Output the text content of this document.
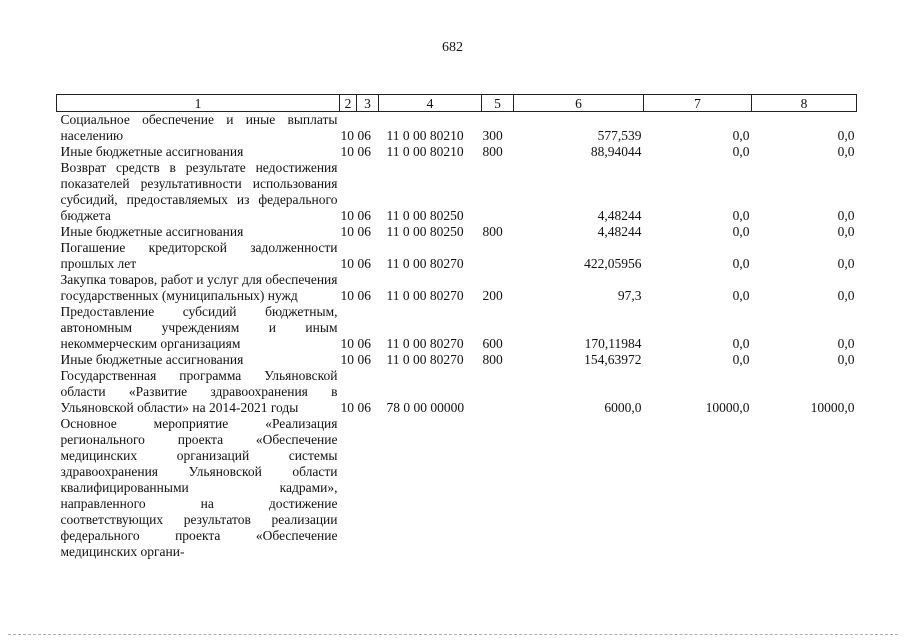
682
1	2	3	4	5	6	7	8
Социальное обеспечение и иные выплаты населению	10	06	11 0 00 80210	300	577,539	0,0	0,0
Иные бюджетные ассигнования	10	06	11 0 00 80210	800	88,94044	0,0	0,0
Возврат средств в результате недостижения показателей результативности использования субсидий, предоставляемых из федерального бюджета	10	06	11 0 00 80250		4,48244	0,0	0,0
Иные бюджетные ассигнования	10	06	11 0 00 80250	800	4,48244	0,0	0,0
Погашение кредиторской задолженности прошлых лет	10	06	11 0 00 80270		422,05956	0,0	0,0
Закупка товаров, работ и услуг для обеспечения государственных (муниципальных) нужд	10	06	11 0 00 80270	200	97,3	0,0	0,0
Предоставление субсидий бюджетным, автономным учреждениям и иным некоммерческим организациям	10	06	11 0 00 80270	600	170,11984	0,0	0,0
Иные бюджетные ассигнования	10	06	11 0 00 80270	800	154,63972	0,0	0,0
Государственная программа Ульяновской области «Развитие здравоохранения в Ульяновской области» на 2014-2021 годы	10	06	78 0 00 00000		6000,0	10000,0	10000,0
Основное мероприятие «Реализация регионального проекта «Обеспечение медицинских организаций системы здравоохранения Ульяновской области квалифицированными кадрами», направленного на достижение соответствующих результатов реализации федерального проекта «Обеспечение медицинских органи-							
